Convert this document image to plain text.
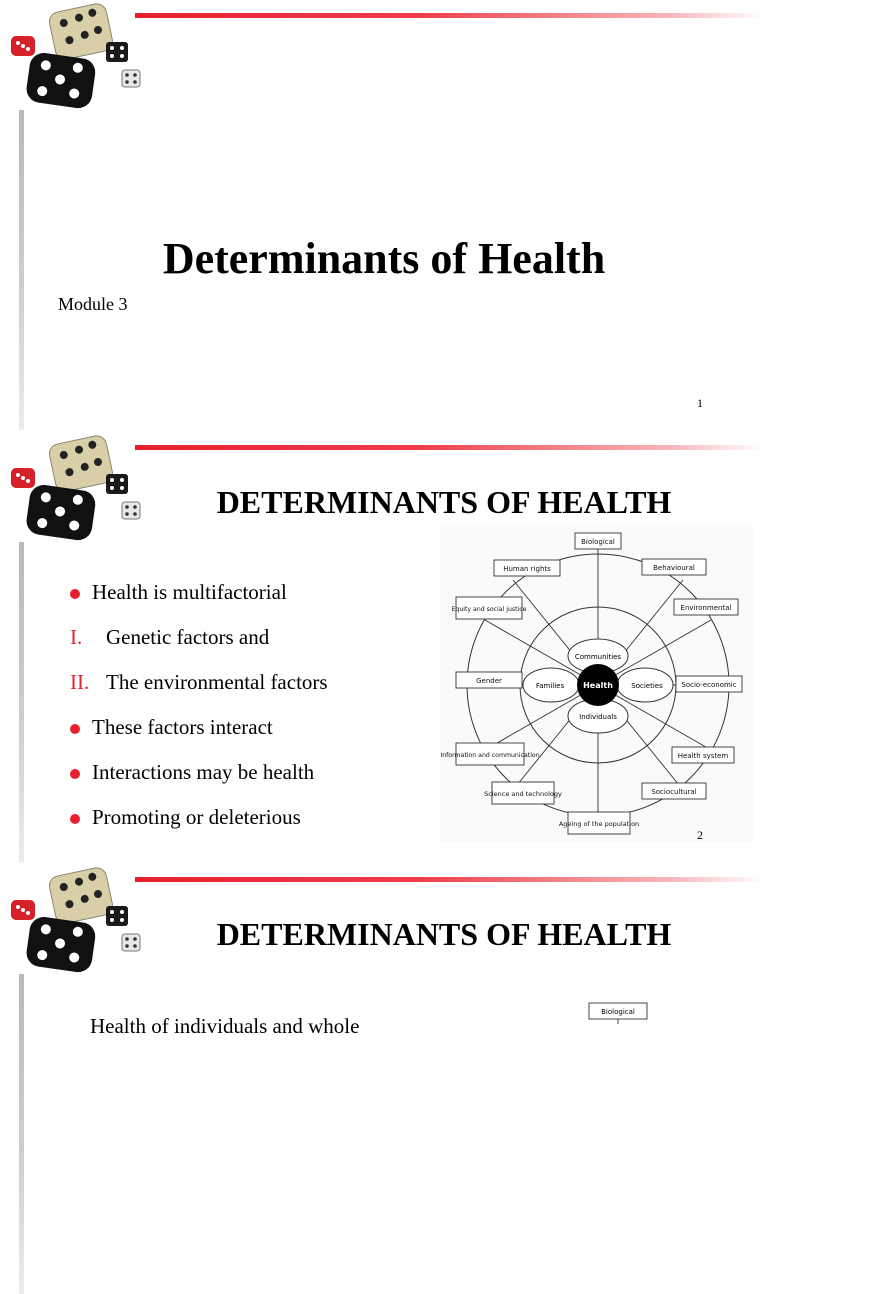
Determinants of Health
Module 3
1
DETERMINANTS OF HEALTH
Health is multifactorial
I. Genetic factors and
II. The environmental factors
These factors interact
Interactions may be health
Promoting or deleterious
Health
Communities
Societies
Individuals
Families
Biological
Behavioural
Environmental
Socio-economic
Health system
Sociocultural
Ageing of the population
Science and technology
Information and communication
Gender
Equity and social justice
Human rights
2
DETERMINANTS OF HEALTH
Health of individuals and whole
Biological
